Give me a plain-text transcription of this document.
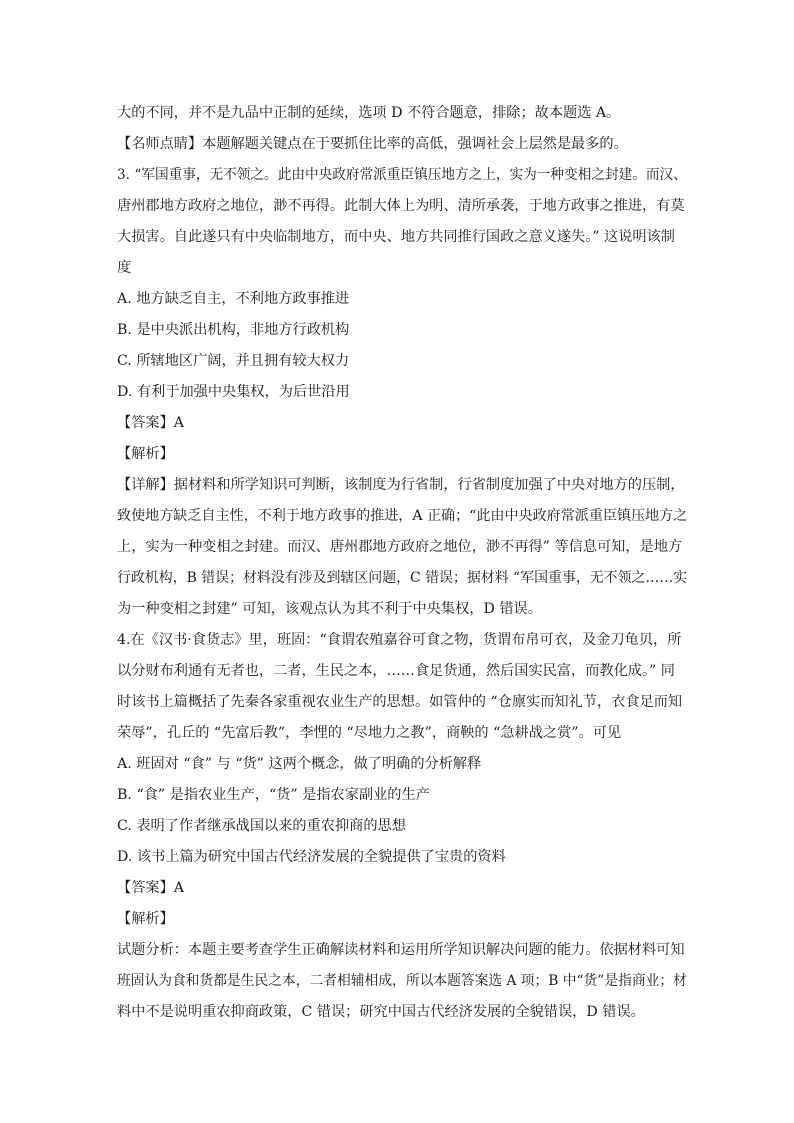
大的不同，并不是九品中正制的延续，选项 D 不符合题意，排除；故本题选 A。
【名师点睛】本题解题关键点在于要抓住比率的高低，强调社会上层然是最多的。
3. “军国重事，无不领之。此由中央政府常派重臣镇压地方之上，实为一种变相之封建。而汉、
唐州郡地方政府之地位，渺不再得。此制大体上为明、清所承袭，于地方政事之推进，有莫
大损害。自此遂只有中央临制地方，而中央、地方共同推行国政之意义遂失。” 这说明该制
度
A. 地方缺乏自主，不利地方政事推进
B. 是中央派出机构，非地方行政机构
C. 所辖地区广阔，并且拥有较大权力
D. 有利于加强中央集权，为后世沿用
【答案】A
【解析】
【详解】据材料和所学知识可判断，该制度为行省制，行省制度加强了中央对地方的压制，
致使地方缺乏自主性，不利于地方政事的推进，A 正确；“此由中央政府常派重臣镇压地方之
上，实为一种变相之封建。而汉、唐州郡地方政府之地位，渺不再得” 等信息可知，是地方
行政机构，B 错误；材料没有涉及到辖区问题，C 错误；据材料 “军国重事，无不领之……实
为一种变相之封建” 可知，该观点认为其不利于中央集权，D 错误。
4.在《汉书·食货志》里，班固：“食谓农殖嘉谷可食之物，货谓布帛可衣，及金刀龟贝，所
以分财布利通有无者也，二者，生民之本，……食足货通，然后国实民富，而教化成。” 同
时该书上篇概括了先秦各家重视农业生产的思想。如管仲的 “仓廪实而知礼节，衣食足而知
荣辱”，孔丘的 “先富后教”，李悝的 “尽地力之教”，商鞅的 “急耕战之赏”。可见
A. 班固对 “食” 与 “货” 这两个概念，做了明确的分析解释
B. “食” 是指农业生产，“货” 是指农家副业的生产
C. 表明了作者继承战国以来的重农抑商的思想
D. 该书上篇为研究中国古代经济发展的全貌提供了宝贵的资料
【答案】A
【解析】
试题分析：本题主要考查学生正确解读材料和运用所学知识解决问题的能力。依据材料可知
班固认为食和货都是生民之本，二者相辅相成，所以本题答案选 A 项；B 中“货”是指商业；材
料中不是说明重农抑商政策，C 错误；研究中国古代经济发展的全貌错误，D 错误。
